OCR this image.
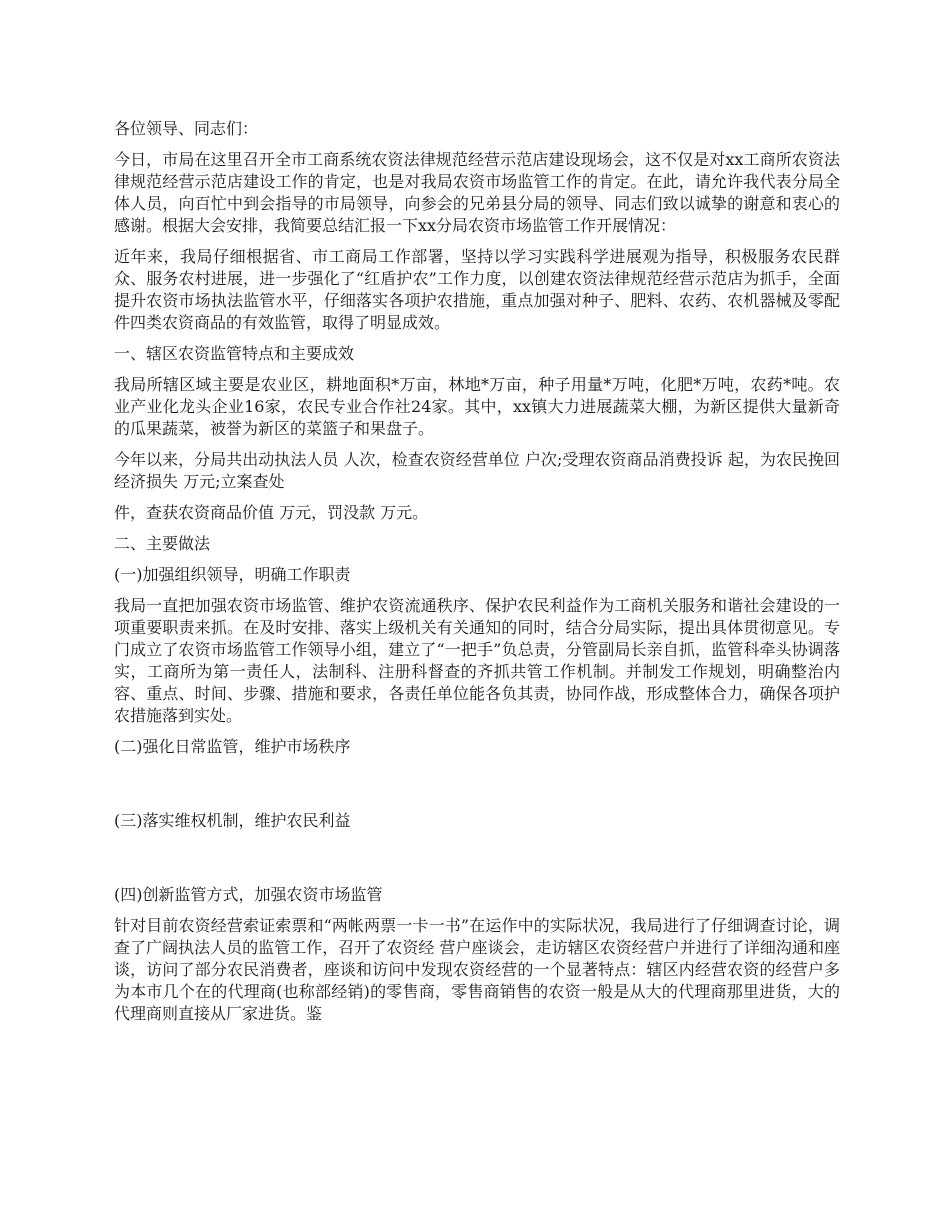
各位领导、同志们：

今日，市局在这里召开全市工商系统农资法律规范经营示范店建设现场会，这不仅是对xx工商所农资法律规范经营示范店建设工作的肯定，也是对我局农资市场监管工作的肯定。在此，请允许我代表分局全体人员，向百忙中到会指导的市局领导，向参会的兄弟县分局的领导、同志们致以诚挚的谢意和衷心的感谢。根据大会安排，我简要总结汇报一下xx分局农资市场监管工作开展情况：

近年来，我局仔细根据省、市工商局工作部署，坚持以学习实践科学进展观为指导，积极服务农民群众、服务农村进展，进一步强化了“红盾护农”工作力度，以创建农资法律规范经营示范店为抓手，全面提升农资市场执法监管水平，仔细落实各项护农措施，重点加强对种子、肥料、农药、农机器械及零配件四类农资商品的有效监管，取得了明显成效。

一、辖区农资监管特点和主要成效

我局所辖区域主要是农业区，耕地面积*万亩，林地*万亩，种子用量*万吨，化肥*万吨，农药*吨。农业产业化龙头企业16家，农民专业合作社24家。其中，xx镇大力进展蔬菜大棚，为新区提供大量新奇的瓜果蔬菜，被誉为新区的菜篮子和果盘子。

今年以来，分局共出动执法人员 人次，检查农资经营单位 户次;受理农资商品消费投诉 起，为农民挽回经济损失 万元;立案查处

件，查获农资商品价值 万元，罚没款 万元。

二、主要做法

(一)加强组织领导，明确工作职责

我局一直把加强农资市场监管、维护农资流通秩序、保护农民利益作为工商机关服务和谐社会建设的一项重要职责来抓。在及时安排、落实上级机关有关通知的同时，结合分局实际，提出具体贯彻意见。专门成立了农资市场监管工作领导小组，建立了“一把手”负总责，分管副局长亲自抓，监管科牵头协调落实，工商所为第一责任人，法制科、注册科督查的齐抓共管工作机制。并制发工作规划，明确整治内容、重点、时间、步骤、措施和要求，各责任单位能各负其责，协同作战，形成整体合力，确保各项护农措施落到实处。

(二)强化日常监管，维护市场秩序

(三)落实维权机制，维护农民利益

(四)创新监管方式，加强农资市场监管

针对目前农资经营索证索票和“两帐两票一卡一书”在运作中的实际状况，我局进行了仔细调查讨论，调查了广阔执法人员的监管工作，召开了农资经 营户座谈会，走访辖区农资经营户并进行了详细沟通和座谈，访问了部分农民消费者，座谈和访问中发现农资经营的一个显著特点：辖区内经营农资的经营户多为本市几个在的代理商(也称部经销)的零售商，零售商销售的农资一般是从大的代理商那里进货，大的代理商则直接从厂家进货。鉴
